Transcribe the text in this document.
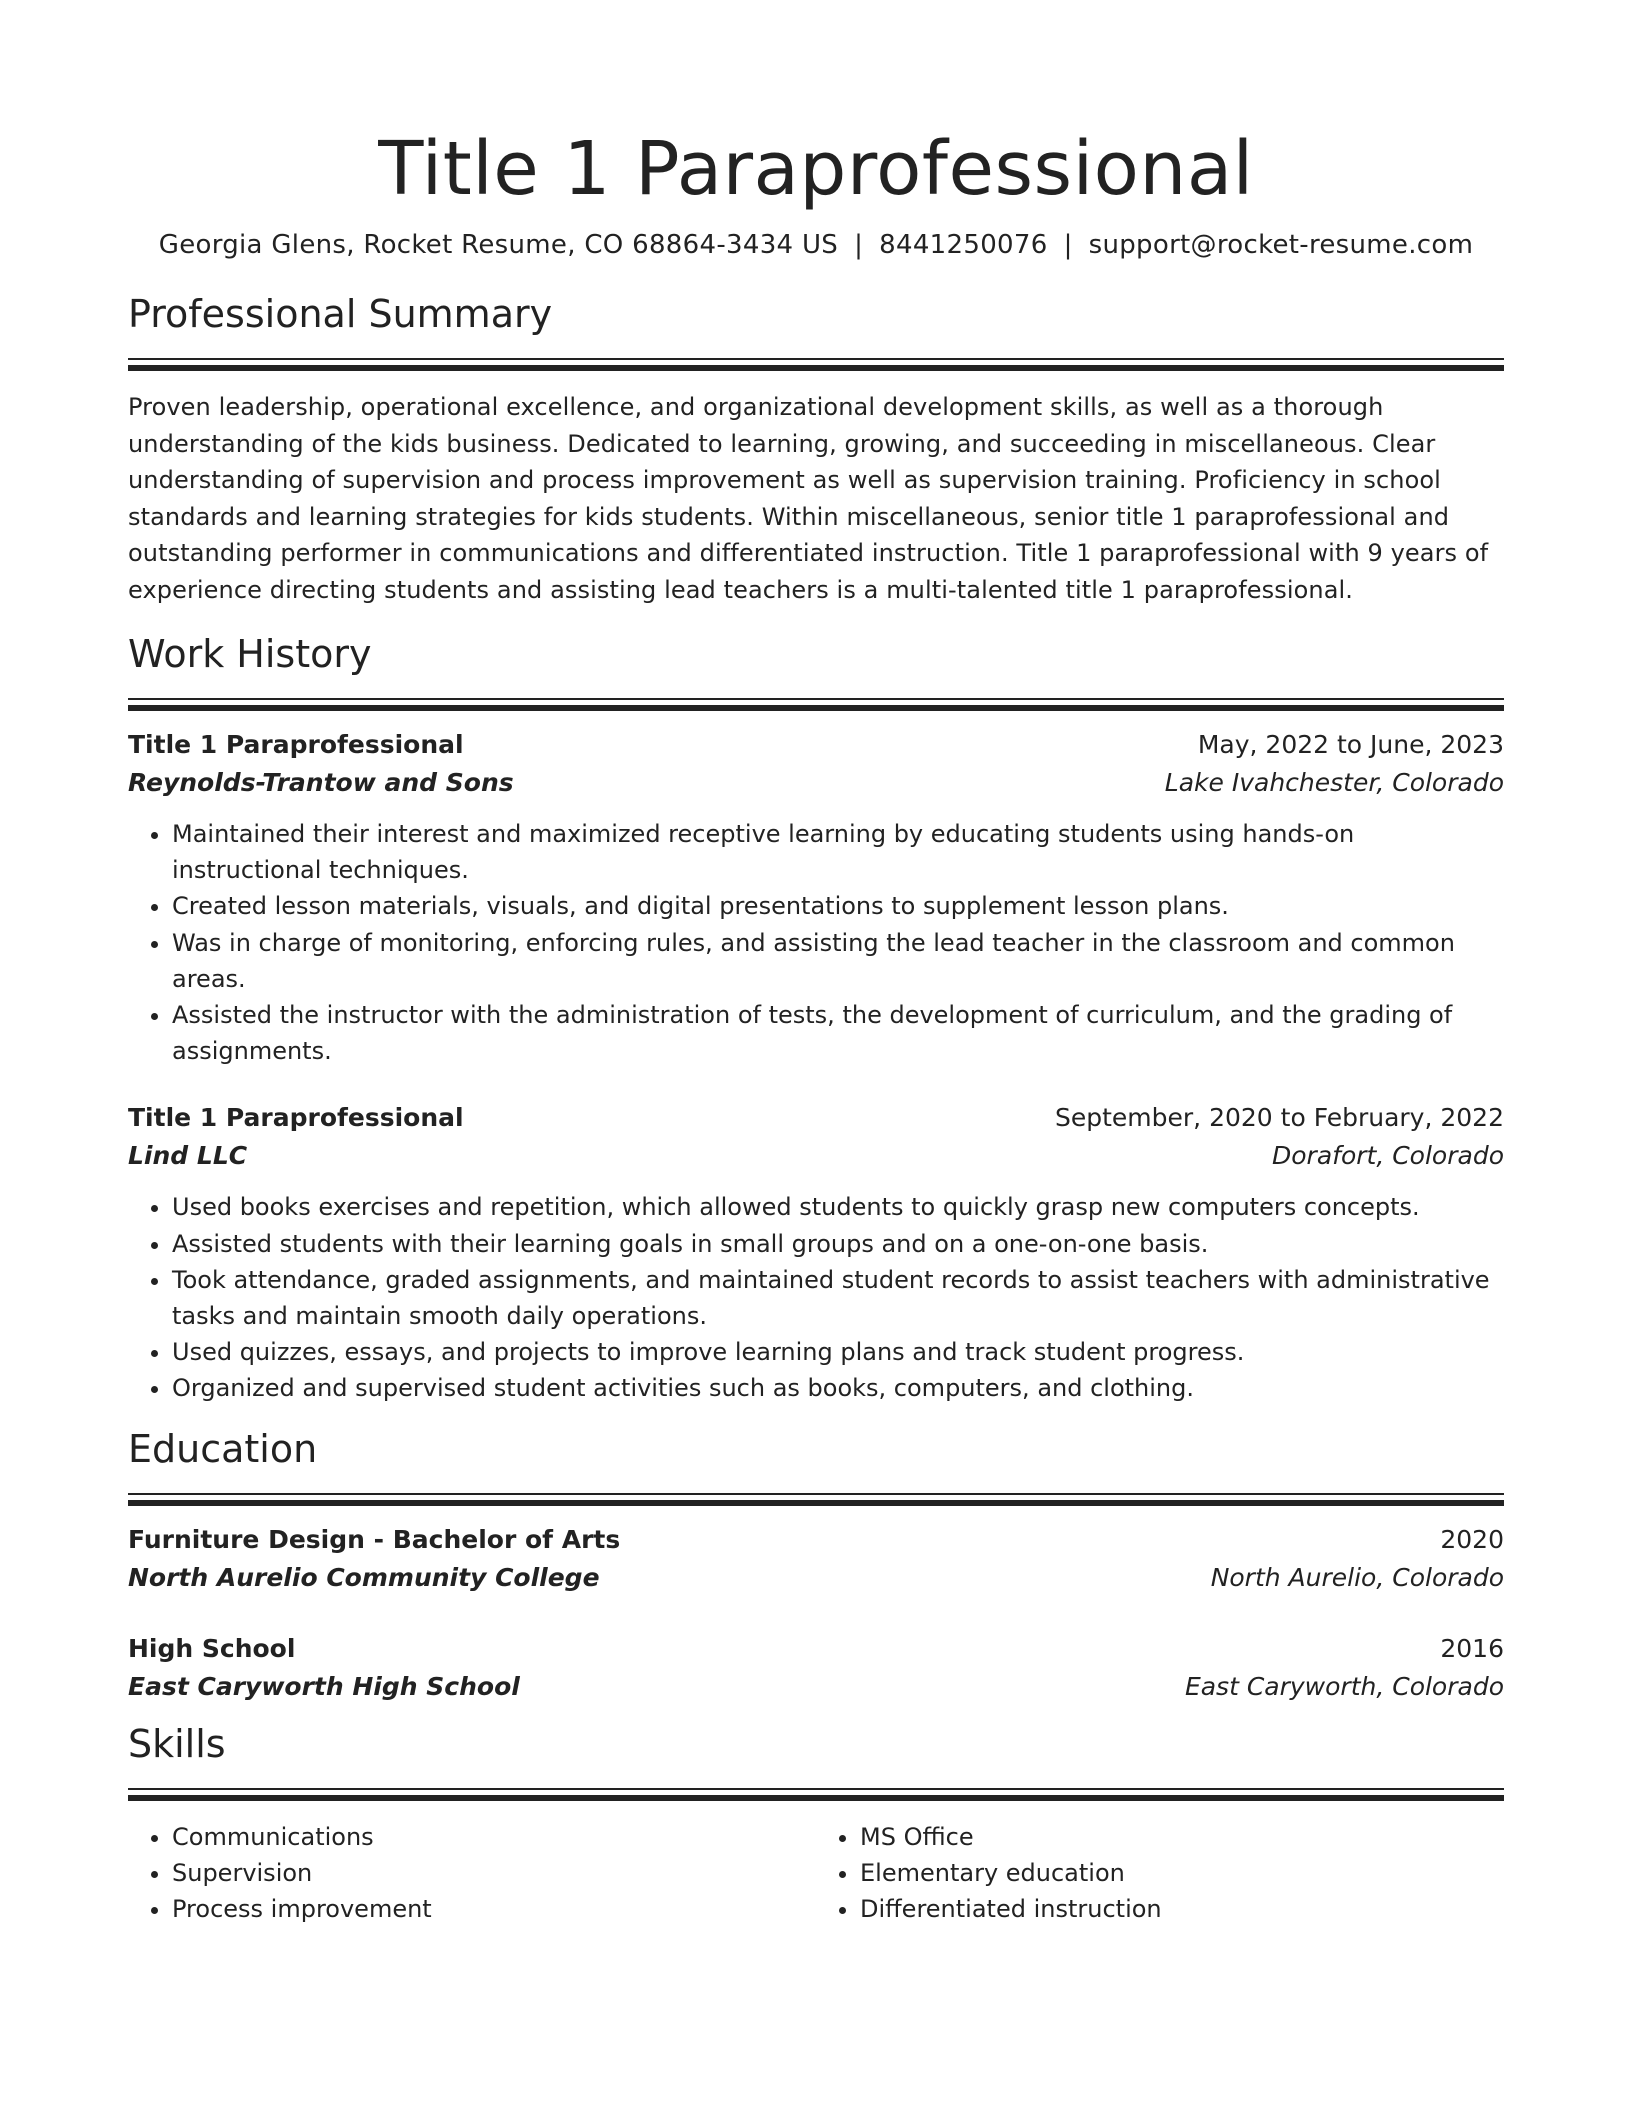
Title 1 Paraprofessional
Georgia Glens, Rocket Resume, CO 68864-3434 US | 8441250076 | support@rocket-resume.com
Professional Summary
Proven leadership, operational excellence, and organizational development skills, as well as a thorough understanding of the kids business. Dedicated to learning, growing, and succeeding in miscellaneous. Clear understanding of supervision and process improvement as well as supervision training. Proficiency in school standards and learning strategies for kids students. Within miscellaneous, senior title 1 paraprofessional and outstanding performer in communications and differentiated instruction. Title 1 paraprofessional with 9 years of experience directing students and assisting lead teachers is a multi-talented title 1 paraprofessional.
Work History
Title 1 Paraprofessional	May, 2022 to June, 2023
Reynolds-Trantow and Sons	Lake Ivahchester, Colorado
• Maintained their interest and maximized receptive learning by educating students using hands-on instructional techniques.
• Created lesson materials, visuals, and digital presentations to supplement lesson plans.
• Was in charge of monitoring, enforcing rules, and assisting the lead teacher in the classroom and common areas.
• Assisted the instructor with the administration of tests, the development of curriculum, and the grading of assignments.
Title 1 Paraprofessional	September, 2020 to February, 2022
Lind LLC	Dorafort, Colorado
• Used books exercises and repetition, which allowed students to quickly grasp new computers concepts.
• Assisted students with their learning goals in small groups and on a one-on-one basis.
• Took attendance, graded assignments, and maintained student records to assist teachers with administrative tasks and maintain smooth daily operations.
• Used quizzes, essays, and projects to improve learning plans and track student progress.
• Organized and supervised student activities such as books, computers, and clothing.
Education
Furniture Design - Bachelor of Arts	2020
North Aurelio Community College	North Aurelio, Colorado
High School	2016
East Caryworth High School	East Caryworth, Colorado
Skills
• Communications
• Supervision
• Process improvement
• MS Office
• Elementary education
• Differentiated instruction
